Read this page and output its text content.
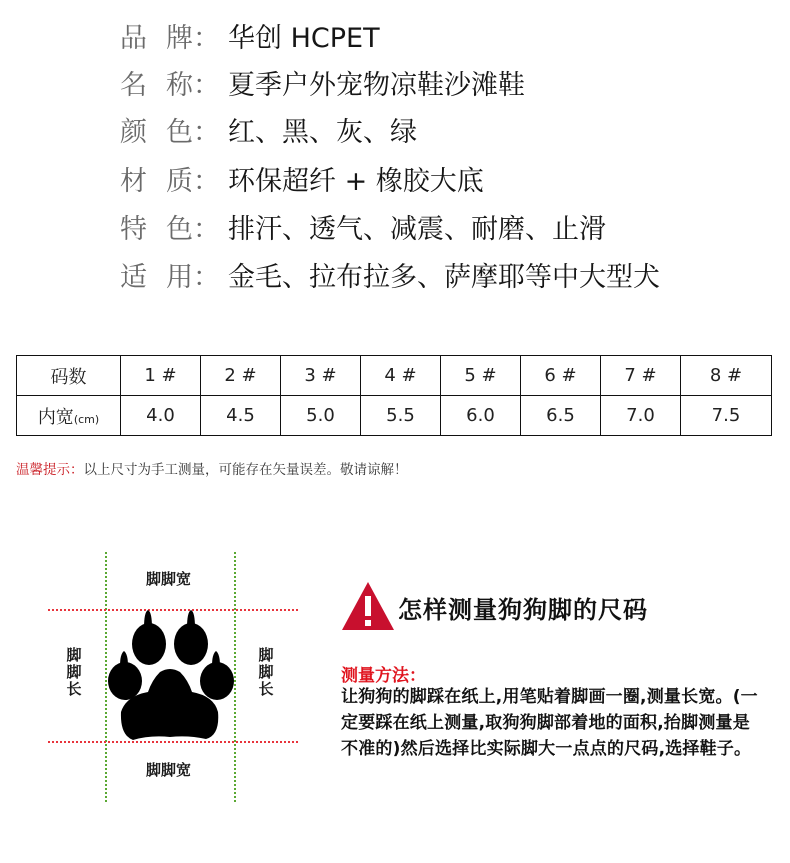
品 牌： 华创 HCPET
名 称： 夏季户外宠物凉鞋沙滩鞋
颜 色： 红、黑、灰、绿
材 质： 环保超纤 + 橡胶大底
特 色： 排汗、透气、减震、耐磨、止滑
适 用： 金毛、拉布拉多、萨摩耶等中大型犬
码数	1 #	2 #	3 #	4 #	5 #	6 #	7 #	8 #
内宽(cm)	4.0	4.5	5.0	5.5	6.0	6.5	7.0	7.5
温馨提示：以上尺寸为手工测量，可能存在矢量误差。敬请谅解！
脚脚宽
脚脚宽
脚
脚
长
脚
脚
长
怎样测量狗狗脚的尺码
测量方法：
让狗狗的脚踩在纸上,用笔贴着脚画一圈,测量长宽。(一定要踩在纸上测量,取狗狗脚部着地的面积,抬脚测量是不准的)然后选择比实际脚大一点点的尺码,选择鞋子。
